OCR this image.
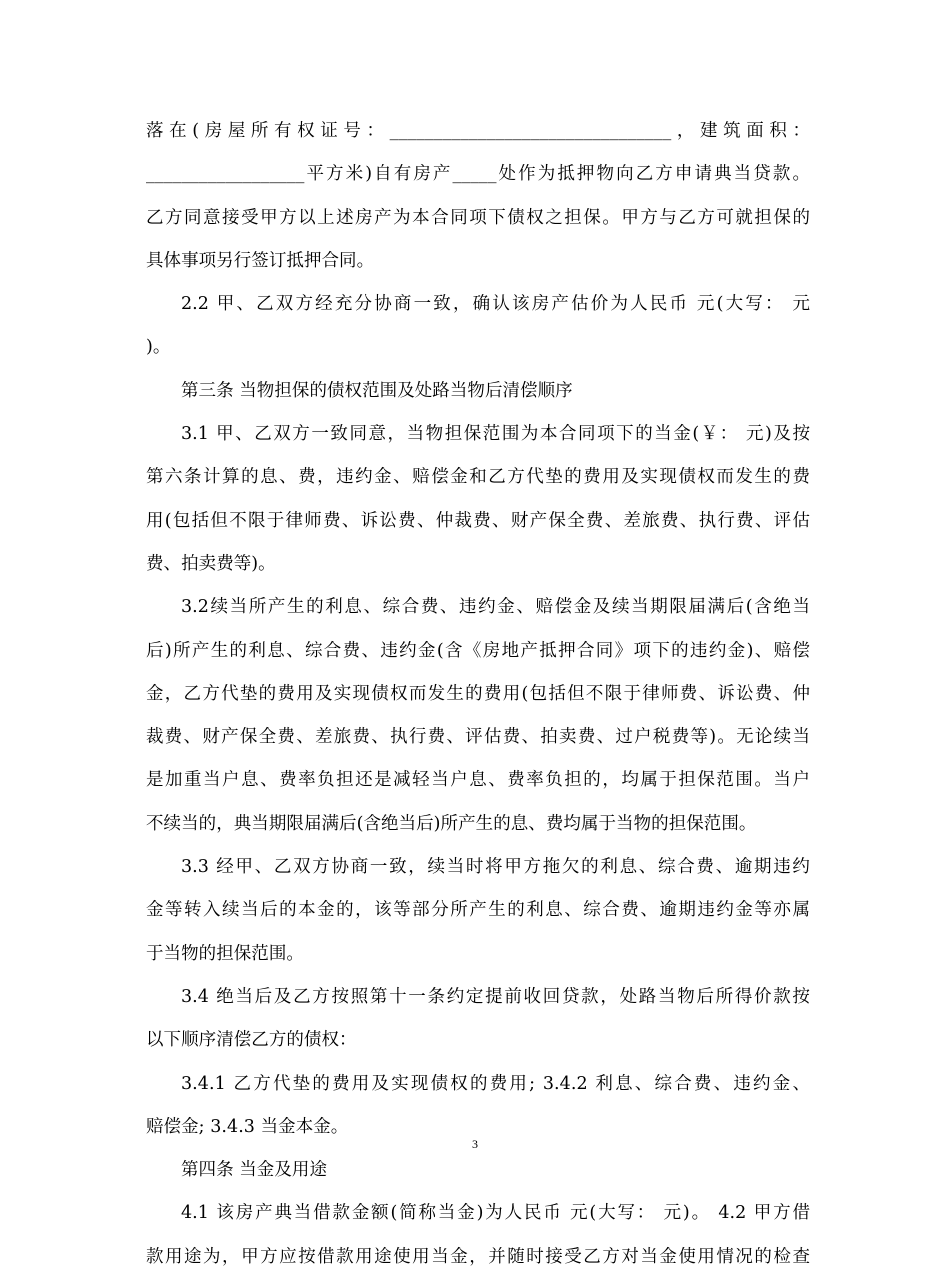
落在(房屋所有权证号：________________________________，建筑面积：
__________________平方米)自有房产_____处作为抵押物向乙方申请典当贷款。
乙方同意接受甲方以上述房产为本合同项下债权之担保。甲方与乙方可就担保的
具体事项另行签订抵押合同。
2.2 甲、乙双方经充分协商一致，确认该房产估价为人民币 元(大写： 元
)。
第三条 当物担保的债权范围及处路当物后清偿顺序
3.1 甲、乙双方一致同意，当物担保范围为本合同项下的当金(￥： 元)及按
第六条计算的息、费，违约金、赔偿金和乙方代垫的费用及实现债权而发生的费
用(包括但不限于律师费、诉讼费、仲裁费、财产保全费、差旅费、执行费、评估
费、拍卖费等)。
3.2续当所产生的利息、综合费、违约金、赔偿金及续当期限届满后(含绝当
后)所产生的利息、综合费、违约金(含《房地产抵押合同》项下的违约金)、赔偿
金，乙方代垫的费用及实现债权而发生的费用(包括但不限于律师费、诉讼费、仲
裁费、财产保全费、差旅费、执行费、评估费、拍卖费、过户税费等)。无论续当
是加重当户息、费率负担还是减轻当户息、费率负担的，均属于担保范围。当户
不续当的，典当期限届满后(含绝当后)所产生的息、费均属于当物的担保范围。
3.3 经甲、乙双方协商一致，续当时将甲方拖欠的利息、综合费、逾期违约
金等转入续当后的本金的，该等部分所产生的利息、综合费、逾期违约金等亦属
于当物的担保范围。
3.4 绝当后及乙方按照第十一条约定提前收回贷款，处路当物后所得价款按
以下顺序清偿乙方的债权：
3.4.1 乙方代垫的费用及实现债权的费用; 3.4.2 利息、综合费、违约金、
赔偿金; 3.4.3 当金本金。
第四条 当金及用途
4.1 该房产典当借款金额(简称当金)为人民币 元(大写： 元)。 4.2 甲方借
款用途为，甲方应按借款用途使用当金，并随时接受乙方对当金使用情况的检查
3
